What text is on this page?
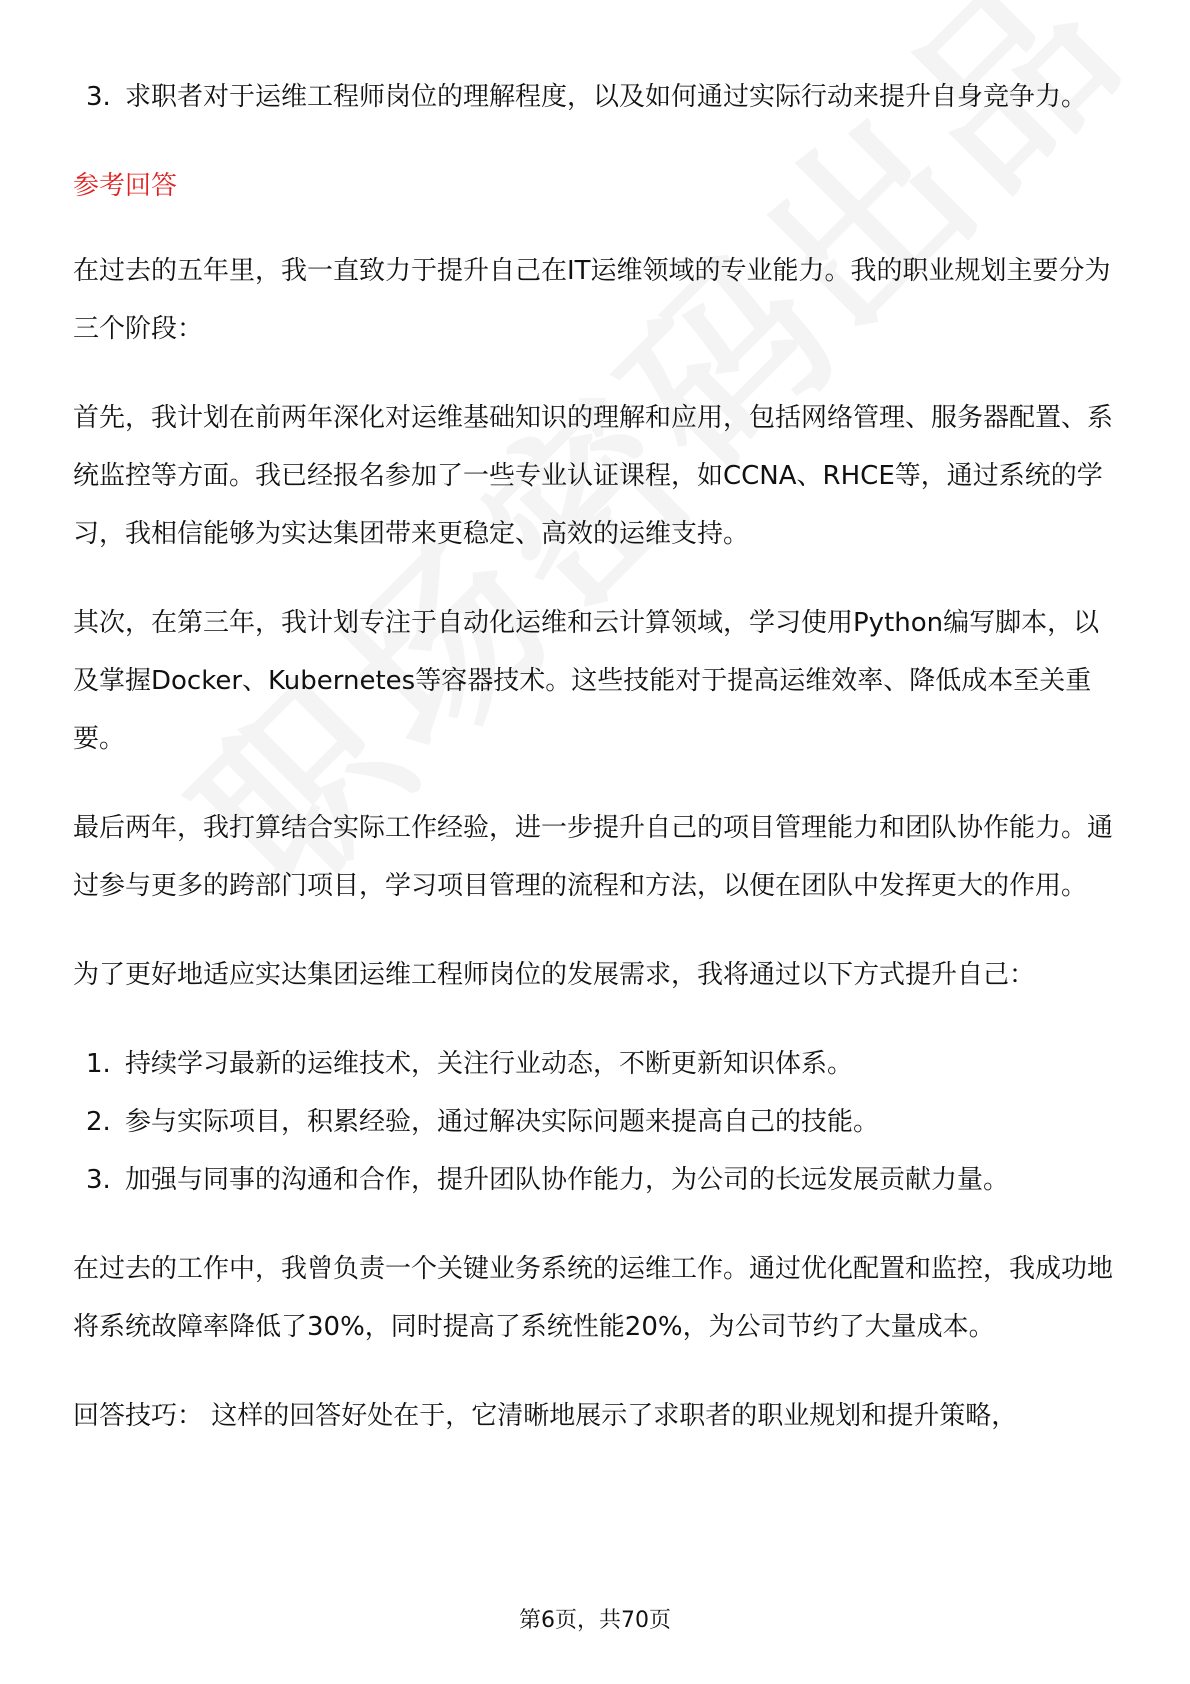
3. 求职者对于运维工程师岗位的理解程度，以及如何通过实际行动来提升自身竞争力。

参考回答

在过去的五年里，我一直致力于提升自己在IT运维领域的专业能力。我的职业规划主要分为三个阶段：

首先，我计划在前两年深化对运维基础知识的理解和应用，包括网络管理、服务器配置、系统监控等方面。我已经报名参加了一些专业认证课程，如CCNA、RHCE等，通过系统的学习，我相信能够为实达集团带来更稳定、高效的运维支持。

其次，在第三年，我计划专注于自动化运维和云计算领域，学习使用Python编写脚本，以及掌握Docker、Kubernetes等容器技术。这些技能对于提高运维效率、降低成本至关重要。

最后两年，我打算结合实际工作经验，进一步提升自己的项目管理能力和团队协作能力。通过参与更多的跨部门项目，学习项目管理的流程和方法，以便在团队中发挥更大的作用。

为了更好地适应实达集团运维工程师岗位的发展需求，我将通过以下方式提升自己：

1. 持续学习最新的运维技术，关注行业动态，不断更新知识体系。
2. 参与实际项目，积累经验，通过解决实际问题来提高自己的技能。
3. 加强与同事的沟通和合作，提升团队协作能力，为公司的长远发展贡献力量。

在过去的工作中，我曾负责一个关键业务系统的运维工作。通过优化配置和监控，我成功地将系统故障率降低了30%，同时提高了系统性能20%，为公司节约了大量成本。

回答技巧： 这样的回答好处在于，它清晰地展示了求职者的职业规划和提升策略，

第6页，共70页
